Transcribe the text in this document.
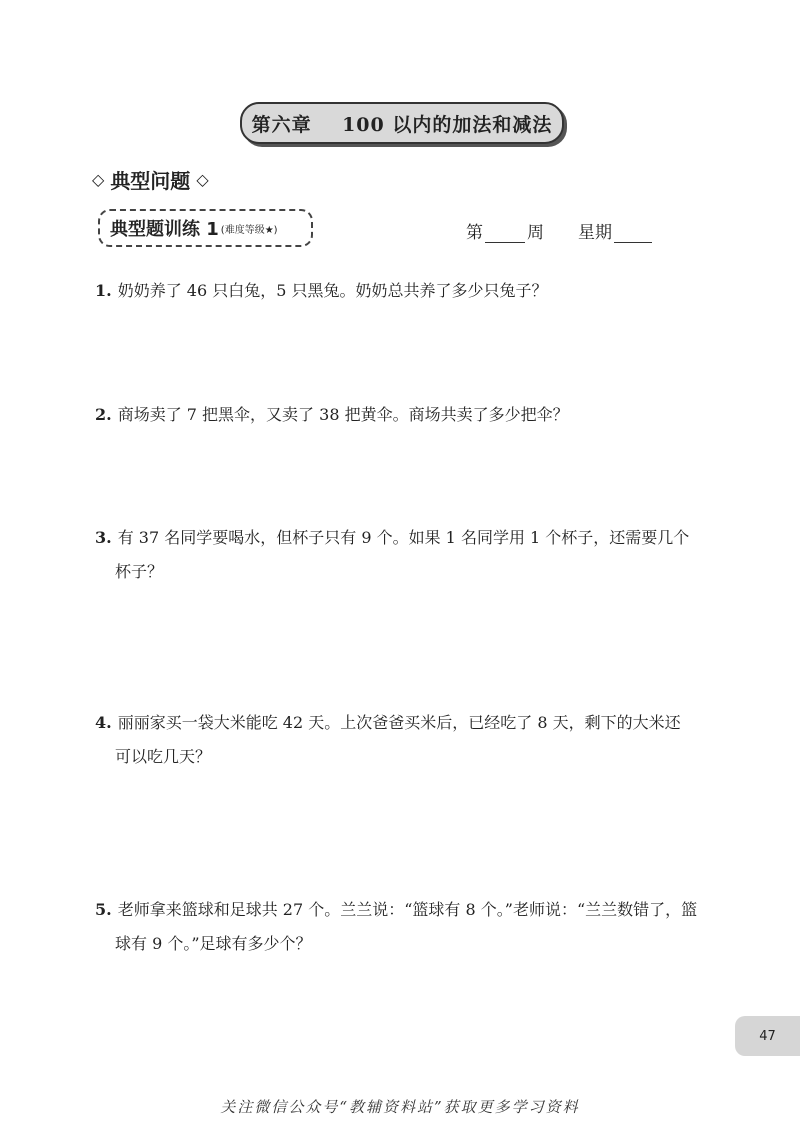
第六章    100 以内的加法和减法
◇ 典型问题 ◇
典型题训练 1 (难度等级★)	第	周 星期
1. 奶奶养了 46 只白兔，5 只黑兔。奶奶总共养了多少只兔子？
2. 商场卖了 7 把黑伞，又卖了 38 把黄伞。商场共卖了多少把伞？
3. 有 37 名同学要喝水，但杯子只有 9 个。如果 1 名同学用 1 个杯子，还需要几个
杯子？
4. 丽丽家买一袋大米能吃 42 天。上次爸爸买米后，已经吃了 8 天，剩下的大米还
可以吃几天？
5. 老师拿来篮球和足球共 27 个。兰兰说：“篮球有 8 个。”老师说：“兰兰数错了，篮
球有 9 个。”足球有多少个？
47
关注微信公众号“教辅资料站”获取更多学习资料
